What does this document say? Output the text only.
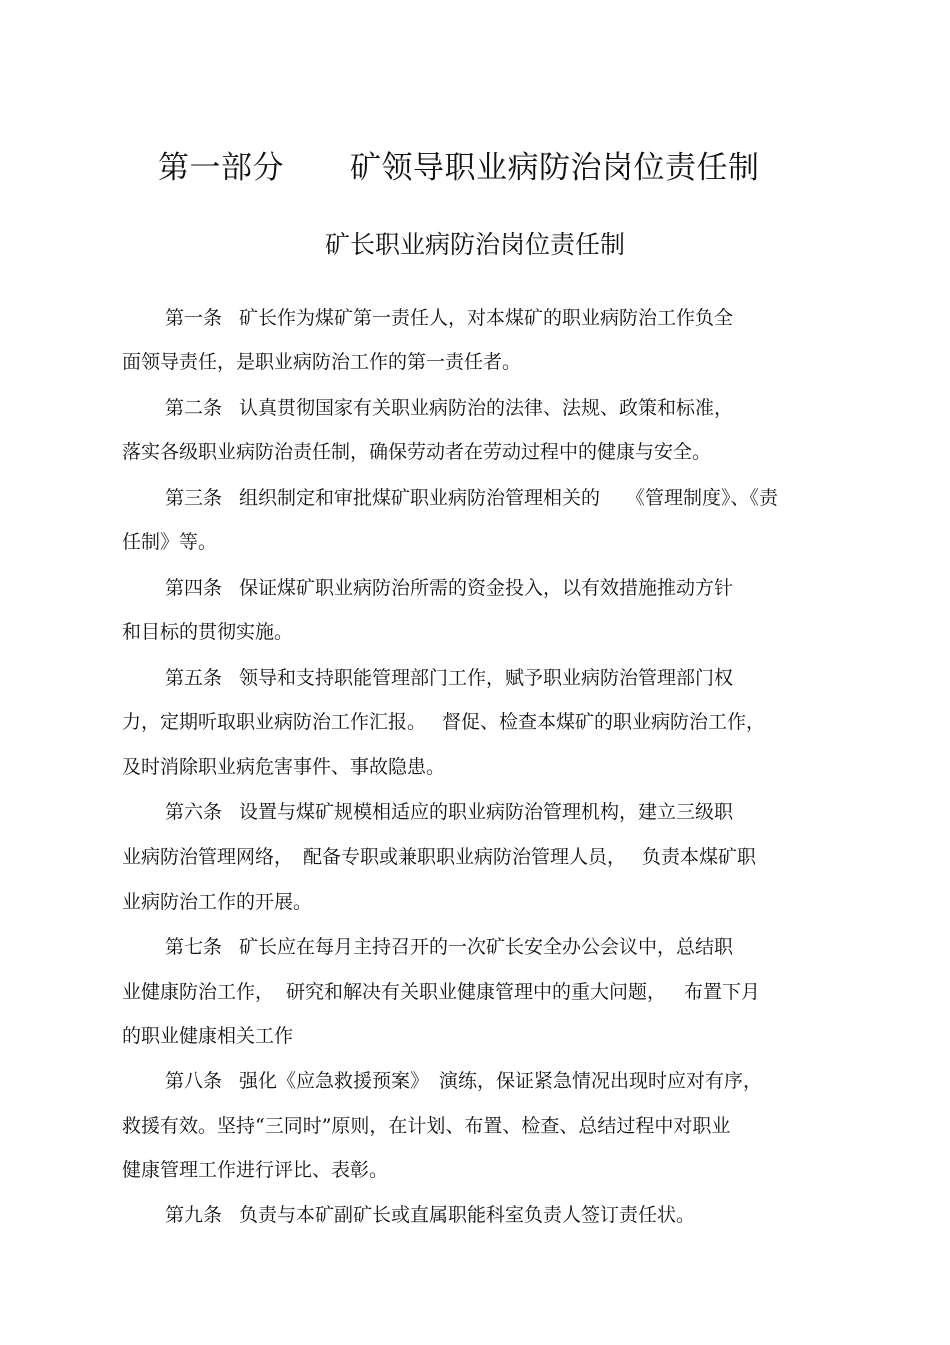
第一部分 矿领导职业病防治岗位责任制
矿长职业病防治岗位责任制
第一条 矿长作为煤矿第一责任人，对本煤矿的职业病防治工作负全
面领导责任，是职业病防治工作的第一责任者。
第二条 认真贯彻国家有关职业病防治的法律、法规、政策和标准，
落实各级职业病防治责任制，确保劳动者在劳动过程中的健康与安全。
第三条 组织制定和审批煤矿职业病防治管理相关的 《管理制度》、《责
任制》等。
第四条 保证煤矿职业病防治所需的资金投入，以有效措施推动方针
和目标的贯彻实施。
第五条 领导和支持职能管理部门工作，赋予职业病防治管理部门权
力，定期听取职业病防治工作汇报。 督促、检查本煤矿的职业病防治工作，
及时消除职业病危害事件、事故隐患。
第六条 设置与煤矿规模相适应的职业病防治管理机构，建立三级职
业病防治管理网络， 配备专职或兼职职业病防治管理人员， 负责本煤矿职
业病防治工作的开展。
第七条 矿长应在每月主持召开的一次矿长安全办公会议中，总结职
业健康防治工作， 研究和解决有关职业健康管理中的重大问题， 布置下月
的职业健康相关工作
第八条 强化《应急救援预案》 演练，保证紧急情况出现时应对有序，
救援有效。坚持“三同时”原则，在计划、布置、检查、总结过程中对职业
健康管理工作进行评比、表彰。
第九条 负责与本矿副矿长或直属职能科室负责人签订责任状。
